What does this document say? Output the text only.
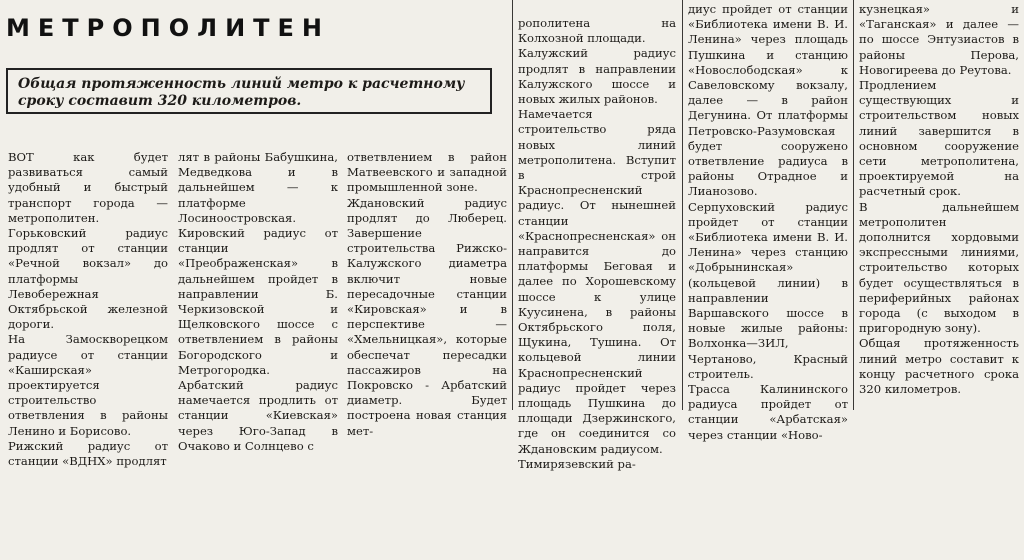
МЕТРОПОЛИТЕН

Общая протяженность линий метро к расчетному сроку составит 320 километров.

ВОТ как будет развиваться самый удобный и быстрый транспорт города — метрополитен.
Горьковский радиус продлят от станции «Речной вокзал» до платформы Левобережная Октябрьской железной дороги.
На Замоскворецком радиусе от станции «Каширская» проектируется строительство ответвления в районы Ленино и Борисово.
Рижский радиус от станции «ВДНХ» продлят

лят в районы Бабушкина, Медведкова и в дальнейшем — к платформе Лосиноостровская.
Кировский радиус от станции «Преображенская» в дальнейшем пройдет в направлении Б. Черкизовской и Щелковского шоссе с ответвлением в районы Богородского и Метрогородка.
Арбатский радиус намечается продлить от станции «Киевская» через Юго-Запад в Очаково и Солнцево с

ответвлением в район Матвеевского и западной промышленной зоне.
Ждановский радиус продлят до Люберец. Завершение строительства Рижско-Калужского диаметра включит новые пересадочные станции «Кировская» и в перспективе — «Хмельницкая», которые обеспечат пересадки пассажиров на Покровско - Арбатский диаметр. Будет построена новая станция мет-

рополитена на Колхозной площади.
Калужский радиус продлят в направлении Калужского шоссе и новых жилых районов.
Намечается строительство ряда новых линий метрополитена. Вступит в строй Краснопресненский радиус. От нынешней станции «Краснопресненская» он направится до платформы Беговая и далее по Хорошевскому шоссе к улице Куусинена, в районы Октябрьского поля, Щукина, Тушина. От кольцевой линии Краснопресненский радиус пройдет через площадь Пушкина до площади Дзержинского, где он соединится со Ждановским радиусом.
Тимирязевский ра-

диус пройдет от станции «Библиотека имени В. И. Ленина» через площадь Пушкина и станцию «Новослободская» к Савеловскому вокзалу, далее — в район Дегунина. От платформы Петровско-Разумовская будет сооружено ответвление радиуса в районы Отрадное и Лианозово.
Серпуховский радиус пройдет от станции «Библиотека имени В. И. Ленина» через станцию «Добрынинская» (кольцевой линии) в направлении Варшавского шоссе в новые жилые районы: Волхонка—ЗИЛ, Чертаново, Красный строитель.
Трасса Калининского радиуса пройдет от станции «Арбатская» через станции «Ново-

кузнецкая» и «Таганская» и далее — по шоссе Энтузиастов в районы Перова, Новогиреева до Реутова.
Продлением существующих и строительством новых линий завершится в основном сооружение сети метрополитена, проектируемой на расчетный срок.
В дальнейшем метрополитен дополнится хордовыми экспрессными линиями, строительство которых будет осуществляться в периферийных районах города (с выходом в пригородную зону).
Общая протяженность линий метро составит к концу расчетного срока 320 километров.
